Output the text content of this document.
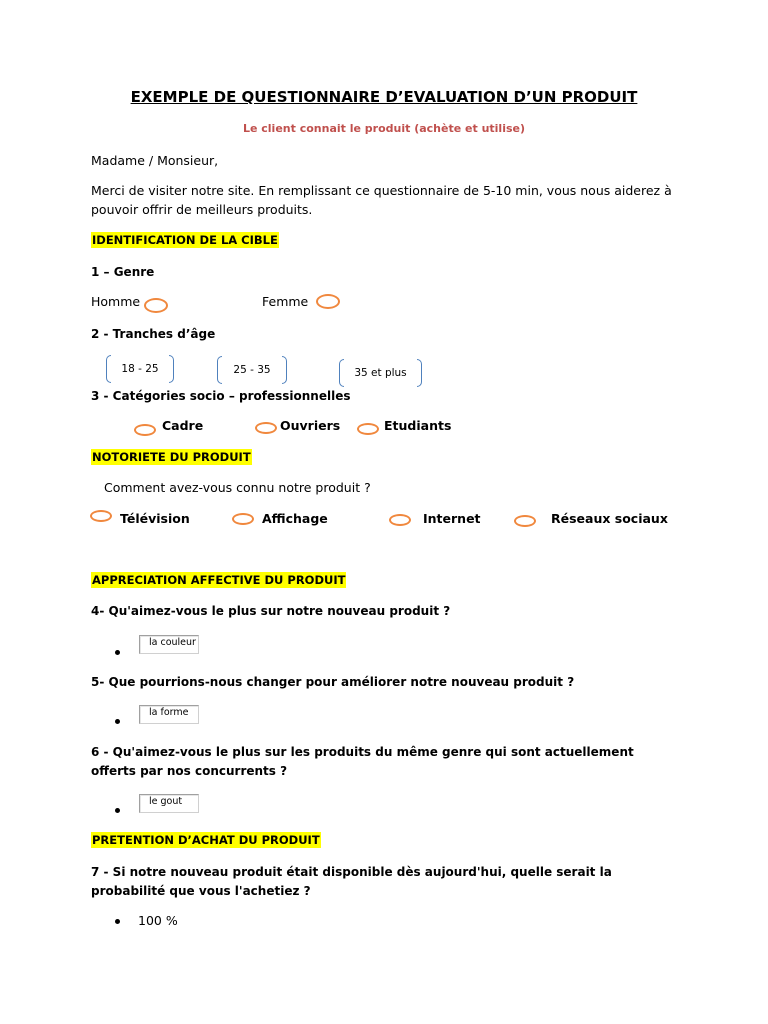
EXEMPLE DE QUESTIONNAIRE D’EVALUATION D’UN PRODUIT
Le client connait le produit (achète et utilise)
Madame / Monsieur,
Merci de visiter notre site. En remplissant ce questionnaire de 5-10 min, vous nous aiderez à pouvoir offrir de meilleurs produits.
IDENTIFICATION DE LA CIBLE
1 – Genre
Homme	Femme
2 - Tranches d’âge
18 - 25	25 - 35	35 et plus
3 - Catégories socio – professionnelles
Cadre	Ouvriers	Etudiants
NOTORIETE DU PRODUIT
Comment avez-vous connu notre produit ?
Télévision	Affichage	Internet	Réseaux sociaux
APPRECIATION AFFECTIVE DU PRODUIT
4- Qu'aimez-vous le plus sur notre nouveau produit ?
la couleur
5- Que pourrions-nous changer pour améliorer notre nouveau produit ?
la forme
6 - Qu'aimez-vous le plus sur les produits du même genre qui sont actuellement offerts par nos concurrents ?
le gout
PRETENTION D’ACHAT DU PRODUIT
7 - Si notre nouveau produit était disponible dès aujourd'hui, quelle serait la probabilité que vous l'achetiez ?
100 %
